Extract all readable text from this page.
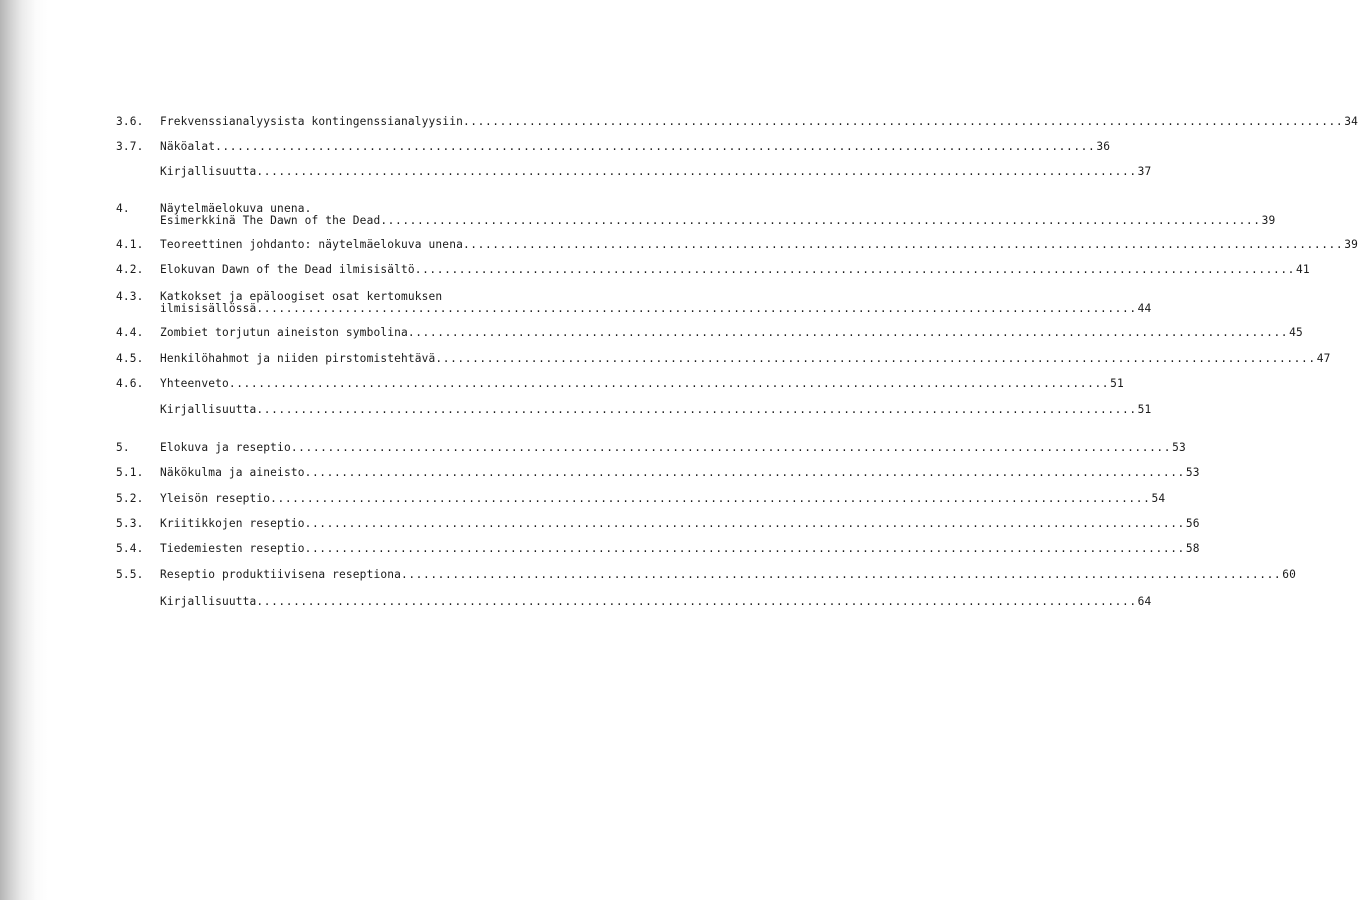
3.6. Frekvenssianalyysista kontingenssianalyysiin ........................................................................................................................ 34
3.7. Näköalat ........................................................................................................................ 36
Kirjallisuutta ........................................................................................................................ 37
4.	Näytelmäelokuva unena.
Esimerkkinä The Dawn of the Dead ........................................................................................................................ 39
4.1. Teoreettinen johdanto: näytelmäelokuva unena ........................................................................................................................ 39
4.2. Elokuvan Dawn of the Dead ilmisisältö ........................................................................................................................ 41
4.3. Katkokset ja epäloogiset osat kertomuksen
ilmisisällössä ........................................................................................................................ 44
4.4. Zombiet torjutun aineiston symbolina ........................................................................................................................ 45
4.5. Henkilöhahmot ja niiden pirstomistehtävä ........................................................................................................................ 47
4.6. Yhteenveto ........................................................................................................................ 51
Kirjallisuutta ........................................................................................................................ 51
5.	Elokuva ja reseptio ........................................................................................................................ 53
5.1. Näkökulma ja aineisto ........................................................................................................................ 53
5.2. Yleisön reseptio ........................................................................................................................ 54
5.3. Kriitikkojen reseptio ........................................................................................................................ 56
5.4. Tiedemiesten reseptio ........................................................................................................................ 58
5.5. Reseptio produktiivisena reseptiona ........................................................................................................................ 60
Kirjallisuutta ........................................................................................................................ 64
